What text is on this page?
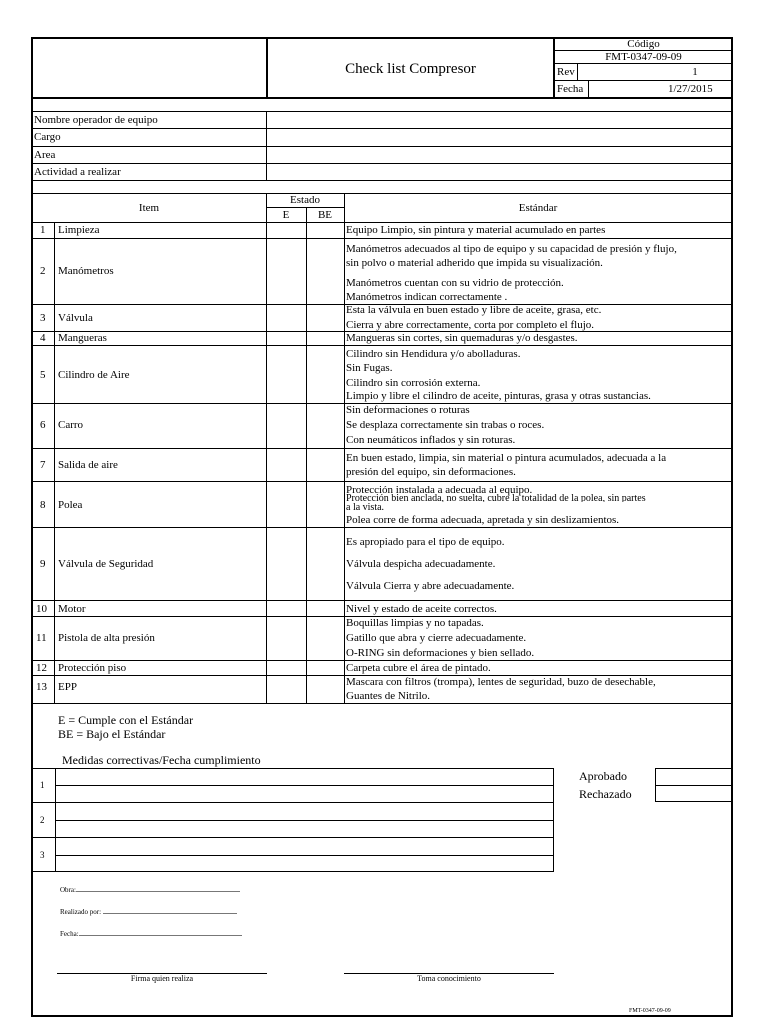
Check list Compresor
Código
FMT-0347-09-09
Rev	1
Fecha	1/27/2015
Nombre operador de equipo
Cargo
Area
Actividad a realizar
Item
Estado
E	BE
Estándar
1 Limpieza	Equipo Limpio, sin pintura y material acumulado en partes
2 Manómetros
Manómetros adecuados al tipo de equipo y su capacidad de presión y flujo,
sin polvo o material adherido que impida su visualización.
Manómetros cuentan con su vidrio de protección.
Manómetros indican correctamente .
3 Válvula
Esta la válvula en buen estado y libre de aceite, grasa, etc.
Cierra y abre correctamente, corta por completo el flujo.
4 Mangueras	Mangueras sin cortes, sin quemaduras y/o desgastes.
5 Cilindro de Aire
Cilindro sin Hendidura y/o abolladuras.
Sin Fugas.
Cilindro sin corrosión externa.
Limpio y libre el cilindro de aceite, pinturas, grasa y otras sustancias.
6 Carro
Sin deformaciones o roturas
Se desplaza correctamente sin trabas o roces.
Con neumáticos inflados y sin roturas.
7 Salida de aire
En buen estado, limpia, sin material o pintura acumulados, adecuada a la
presión del equipo, sin deformaciones.
8 Polea
Protección instalada a adecuada al equipo.
Protección bien anclada, no suelta, cubre la totalidad de la polea, sin partes
a la vista.
Polea corre de forma adecuada, apretada y sin deslizamientos.
9 Válvula de Seguridad
Es apropiado para el tipo de equipo.
Válvula despicha adecuadamente.
Válvula Cierra y abre adecuadamente.
10 Motor	Nivel y estado de aceite correctos.
11 Pistola de alta presión
Boquillas limpias y no tapadas.
Gatillo que abra y cierre adecuadamente.
O-RING sin deformaciones y bien sellado.
12 Protección piso	Carpeta cubre el área de pintado.
13 EPP	Mascara con filtros (trompa), lentes de seguridad, buzo de desechable,
Guantes de Nitrilo.
E = Cumple con el Estándar
BE = Bajo el Estándar
Medidas correctivas/Fecha cumplimiento
1
2
3
Aprobado
Rechazado
Obra:
Realizado por:
Fecha:
Firma quien realiza	Toma conocimiento
FMT-0347-09-09
